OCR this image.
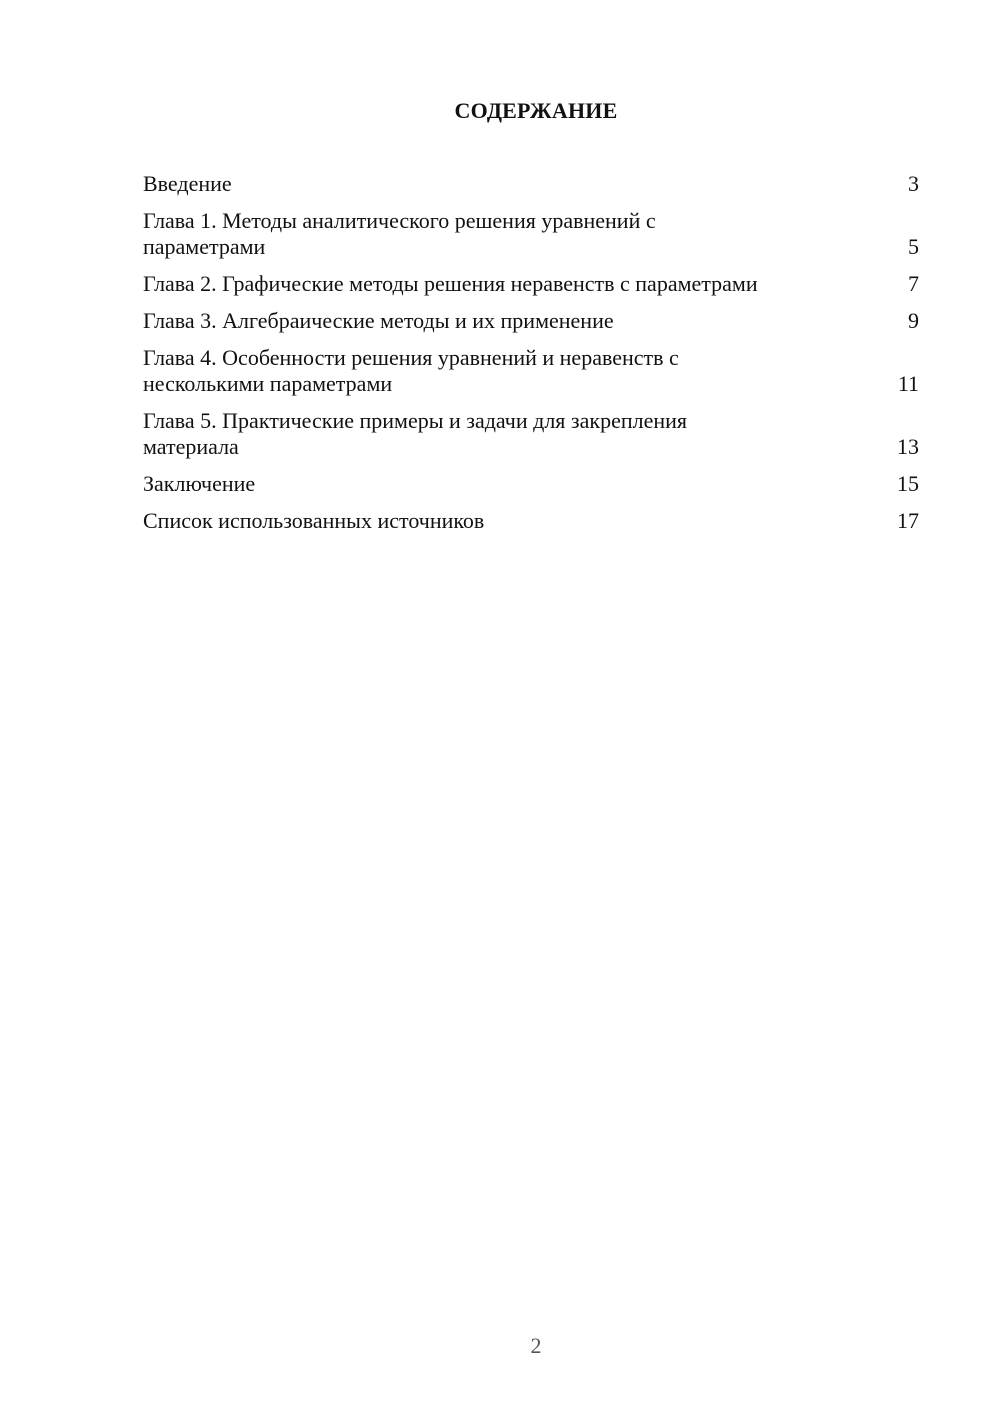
СОДЕРЖАНИЕ
Введение	3
Глава 1. Методы аналитического решения уравнений с параметрами	5
Глава 2. Графические методы решения неравенств с параметрами	7
Глава 3. Алгебраические методы и их применение	9
Глава 4. Особенности решения уравнений и неравенств с несколькими параметрами	11
Глава 5. Практические примеры и задачи для закрепления материала	13
Заключение	15
Список использованных источников	17
2
